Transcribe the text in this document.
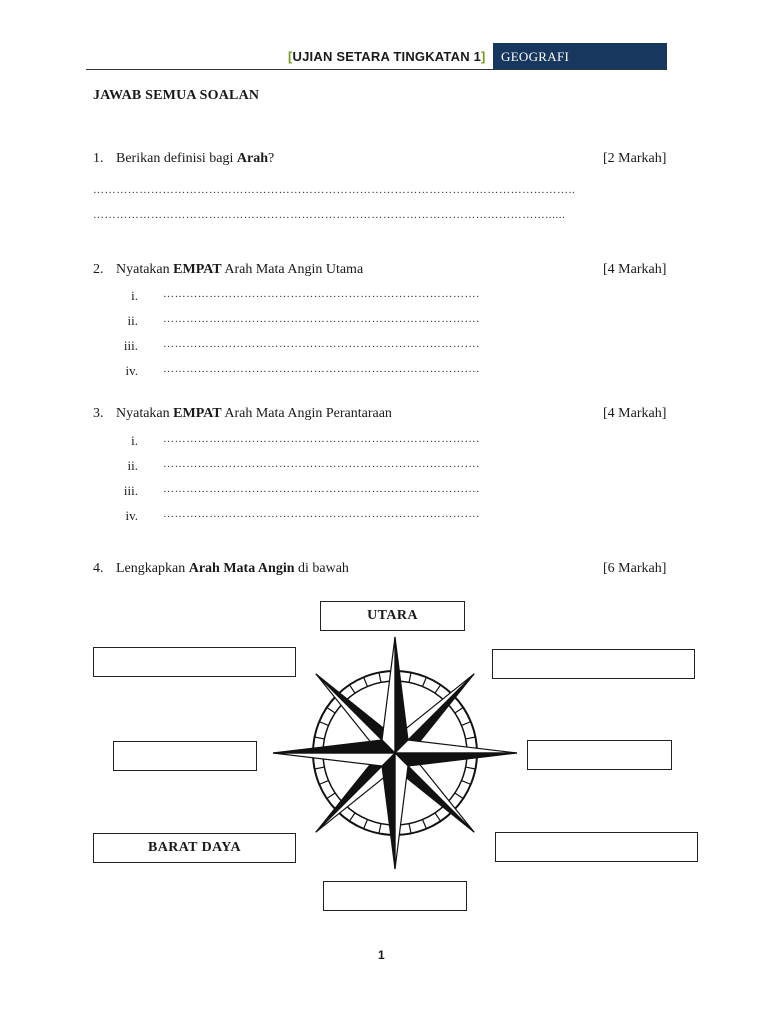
[UJIAN SETARA TINGKATAN 1] GEOGRAFI
JAWAB SEMUA SOALAN
1. Berikan definisi bagi Arah?	[2 Markah]
……………………………………………………………………………………………………………..
………………………………………………………………………………………………………......
2. Nyatakan EMPAT Arah Mata Angin Utama	[4 Markah]
i. ……………………………………………………………………….
ii. ……………………………………………………………………….
iii. ……………………………………………………………………….
iv. ……………………………………………………………………….
3. Nyatakan EMPAT Arah Mata Angin Perantaraan	[4 Markah]
i. ……………………………………………………………………….
ii. ……………………………………………………………………….
iii. ……………………………………………………………………….
iv. ……………………………………………………………………….
4. Lengkapkan Arah Mata Angin di bawah	[6 Markah]
UTARA
BARAT DAYA
1
